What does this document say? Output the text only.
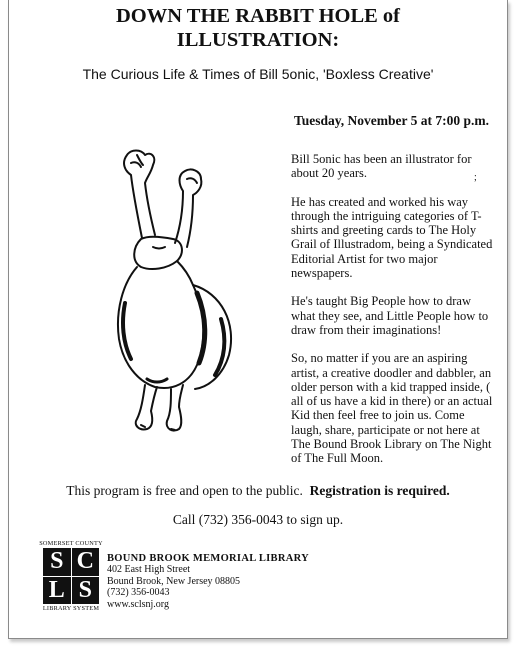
DOWN THE RABBIT HOLE of
ILLUSTRATION:
The Curious Life & Times of Bill 5onic, 'Boxless Creative'
Tuesday, November 5 at 7:00 p.m.

Bill 5onic has been an illustrator for about 20 years.

He has created and worked his way through the intriguing categories of T-shirts and greeting cards to The Holy Grail of Illustradom, being a Syndicated Editorial Artist for two major newspapers.

He's taught Big People how to draw what they see, and Little People how to draw from their imaginations!

So, no matter if you are an aspiring artist, a creative doodler and dabbler, an older person with a kid trapped inside, ( all of us have a kid in there) or an actual Kid then feel free to join us. Come laugh, share, participate or not here at The Bound Brook Library on The Night of The Full Moon.

;
This program is free and open to the public. Registration is required.
Call (732) 356-0043 to sign up.
SOMERSET COUNTY
S C
L S
LIBRARY SYSTEM
BOUND BROOK MEMORIAL LIBRARY
402 East High Street
Bound Brook, New Jersey 08805
(732) 356-0043
www.sclsnj.org
